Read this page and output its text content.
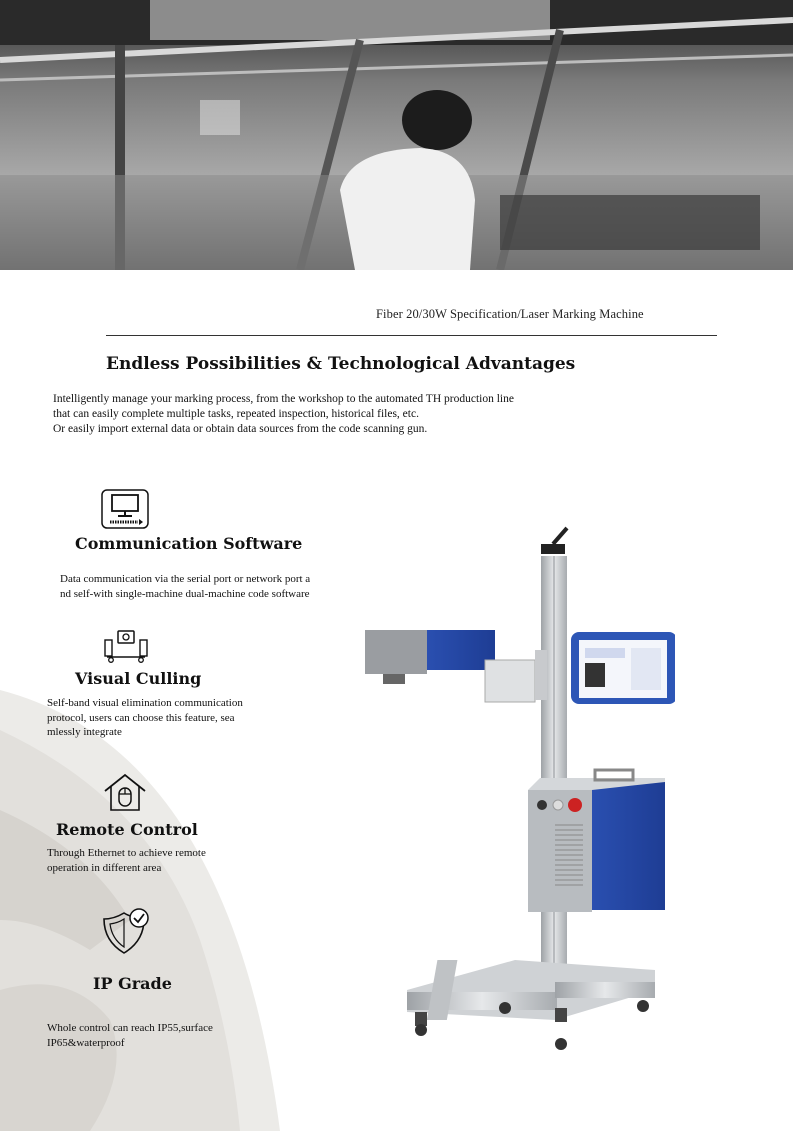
Fiber 20/30W Specification/Laser Marking Machine
Endless Possibilities & Technological Advantages
Intelligently manage your marking process, from the workshop to the automated TH production line
that can easily complete multiple tasks, repeated inspection, historical files, etc.
Or easily import external data or obtain data sources from the code scanning gun.
Communication Software
Data communication via the serial port or network port a
nd self-with single-machine dual-machine code software
Visual Culling
Self-band visual elimination communication
protocol, users can choose this feature, sea
mlessly integrate
Remote Control
Through Ethernet to achieve remote
operation in different area
IP Grade
Whole control can reach IP55,surface
IP65&waterproof
